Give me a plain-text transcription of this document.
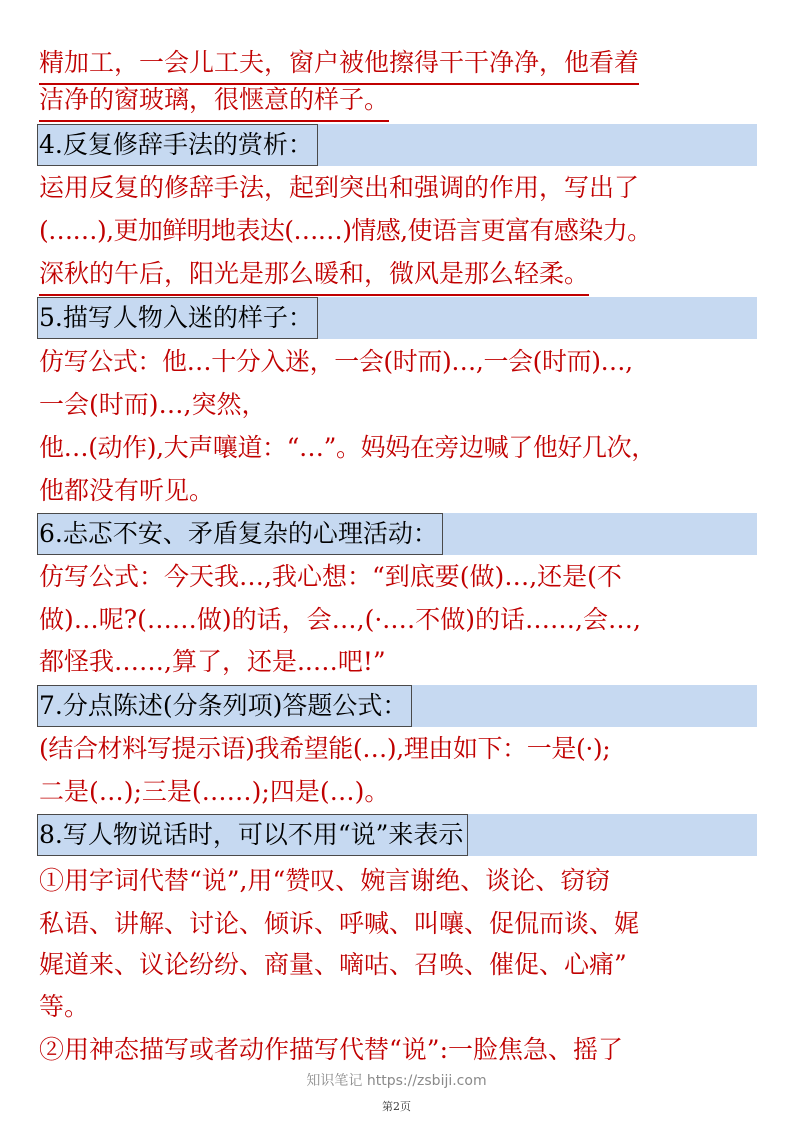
精加工，一会儿工夫，窗户被他擦得干干净净，他看着
洁净的窗玻璃，很惬意的样子。
4.反复修辞手法的赏析：
运用反复的修辞手法，起到突出和强调的作用，写出了
(……),更加鲜明地表达(……)情感,使语言更富有感染力。
深秋的午后，阳光是那么暖和，微风是那么轻柔。
5.描写人物入迷的样子：
仿写公式：他…十分入迷，一会(时而)…,一会(时而)…,
一会(时而)…,突然，
他…(动作),大声嚷道：“…”。妈妈在旁边喊了他好几次，
他都没有听见。
6.忐忑不安、矛盾复杂的心理活动：
仿写公式：今天我…,我心想：“到底要(做)…,还是(不
做)…呢?(……做)的话，会…,(·.…不做)的话……,会…,
都怪我……,算了，还是..…吧!”
7.分点陈述(分条列项)答题公式：
(结合材料写提示语)我希望能(…),理由如下：一是(·);
二是(…);三是(……);四是(…)。
8.写人物说话时，可以不用“说”来表示
①用字词代替“说”,用“赞叹、婉言谢绝、谈论、窃窃
私语、讲解、讨论、倾诉、呼喊、叫嚷、促侃而谈、娓
娓道来、议论纷纷、商量、嘀咕、召唤、催促、心痛”
等。
②用神态描写或者动作描写代替“说”:一脸焦急、摇了
知识笔记 https://zsbiji.com
第2页
